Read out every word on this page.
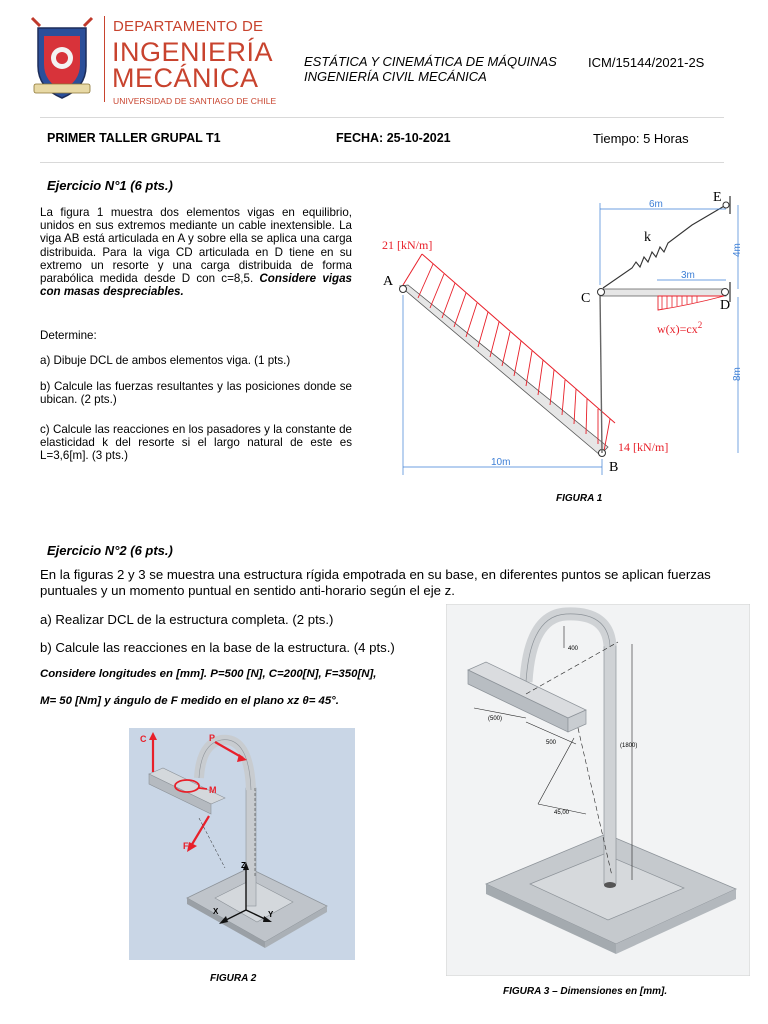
DEPARTAMENTO DE
INGENIERÍA
MECÁNICA
UNIVERSIDAD DE SANTIAGO DE CHILE
ESTÁTICA Y CINEMÁTICA DE MÁQUINAS ICM/15144/2021-2S
INGENIERÍA CIVIL MECÁNICA
PRIMER TALLER GRUPAL T1	FECHA: 25-10-2021	Tiempo: 5 Horas
Ejercicio N°1 (6 pts.)
La figura 1 muestra dos elementos vigas en equilibrio, unidos en sus extremos mediante un cable inextensible. La viga AB está articulada en A y sobre ella se aplica una carga distribuida. Para la viga CD articulada en D tiene en su extremo un resorte y una carga distribuida de forma parabólica medida desde D con c=8,5. Considere vigas con masas despreciables.
Determine:
a) Dibuje DCL de ambos elementos viga. (1 pts.)
b) Calcule las fuerzas resultantes y las posiciones donde se ubican. (2 pts.)
c) Calcule las reacciones en los pasadores y la constante de elasticidad k del resorte si el largo natural de este es L=3,6[m]. (3 pts.)
21 [kN/m]
14 [kN/m]
A
B
C	D
E
k
6m
3m
4m
8m
10m
$w(x)=cx^2$
FIGURA 1
Ejercicio N°2 (6 pts.)
En la figuras 2 y 3 se muestra una estructura rígida empotrada en su base, en diferentes puntos se aplican fuerzas puntuales y un momento puntual en sentido anti-horario según el eje z.
a) Realizar DCL de la estructura completa. (2 pts.)
b) Calcule las reacciones en la base de la estructura. (4 pts.)
Considere longitudes en [mm]. P=500 [N], C=200[N], F=350[N],
M= 50 [Nm] y ángulo de F medido en el plano xz θ= 45°.
C	P
M
F
Z
X	Y
FIGURA 2
400
(500)
500	(1800)
45,00
FIGURA 3 – Dimensiones en [mm].
